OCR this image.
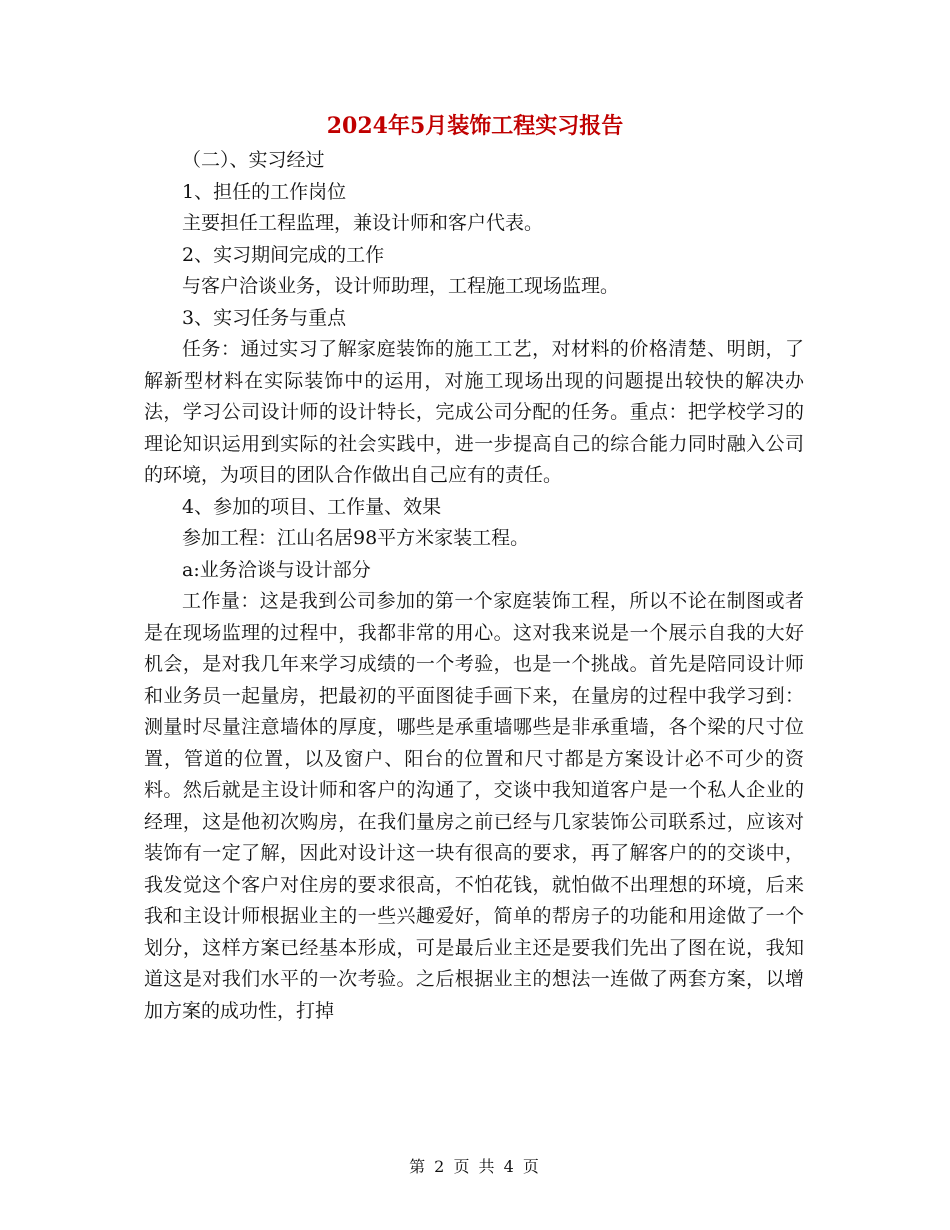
2024年5月装饰工程实习报告

（二）、实习经过

1、担任的工作岗位

主要担任工程监理，兼设计师和客户代表。

2、实习期间完成的工作

与客户洽谈业务，设计师助理，工程施工现场监理。

3、实习任务与重点

任务：通过实习了解家庭装饰的施工工艺，对材料的价格清楚、明朗，了解新型材料在实际装饰中的运用，对施工现场出现的问题提出较快的解决办法，学习公司设计师的设计特长，完成公司分配的任务。重点：把学校学习的理论知识运用到实际的社会实践中，进一步提高自己的综合能力同时融入公司的环境，为项目的团队合作做出自己应有的责任。

4、参加的项目、工作量、效果

参加工程：江山名居98平方米家装工程。

a:业务洽谈与设计部分

工作量：这是我到公司参加的第一个家庭装饰工程，所以不论在制图或者是在现场监理的过程中，我都非常的用心。这对我来说是一个展示自我的大好机会，是对我几年来学习成绩的一个考验，也是一个挑战。首先是陪同设计师和业务员一起量房，把最初的平面图徒手画下来，在量房的过程中我学习到：测量时尽量注意墙体的厚度，哪些是承重墙哪些是非承重墙，各个梁的尺寸位置，管道的位置，以及窗户、阳台的位置和尺寸都是方案设计必不可少的资料。然后就是主设计师和客户的沟通了，交谈中我知道客户是一个私人企业的经理，这是他初次购房，在我们量房之前已经与几家装饰公司联系过，应该对装饰有一定了解，因此对设计这一块有很高的要求，再了解客户的的交谈中，我发觉这个客户对住房的要求很高，不怕花钱，就怕做不出理想的环境，后来我和主设计师根据业主的一些兴趣爱好，简单的帮房子的功能和用途做了一个划分，这样方案已经基本形成，可是最后业主还是要我们先出了图在说，我知道这是对我们水平的一次考验。之后根据业主的想法一连做了两套方案，以增加方案的成功性，打掉

第 2 页 共 4 页
